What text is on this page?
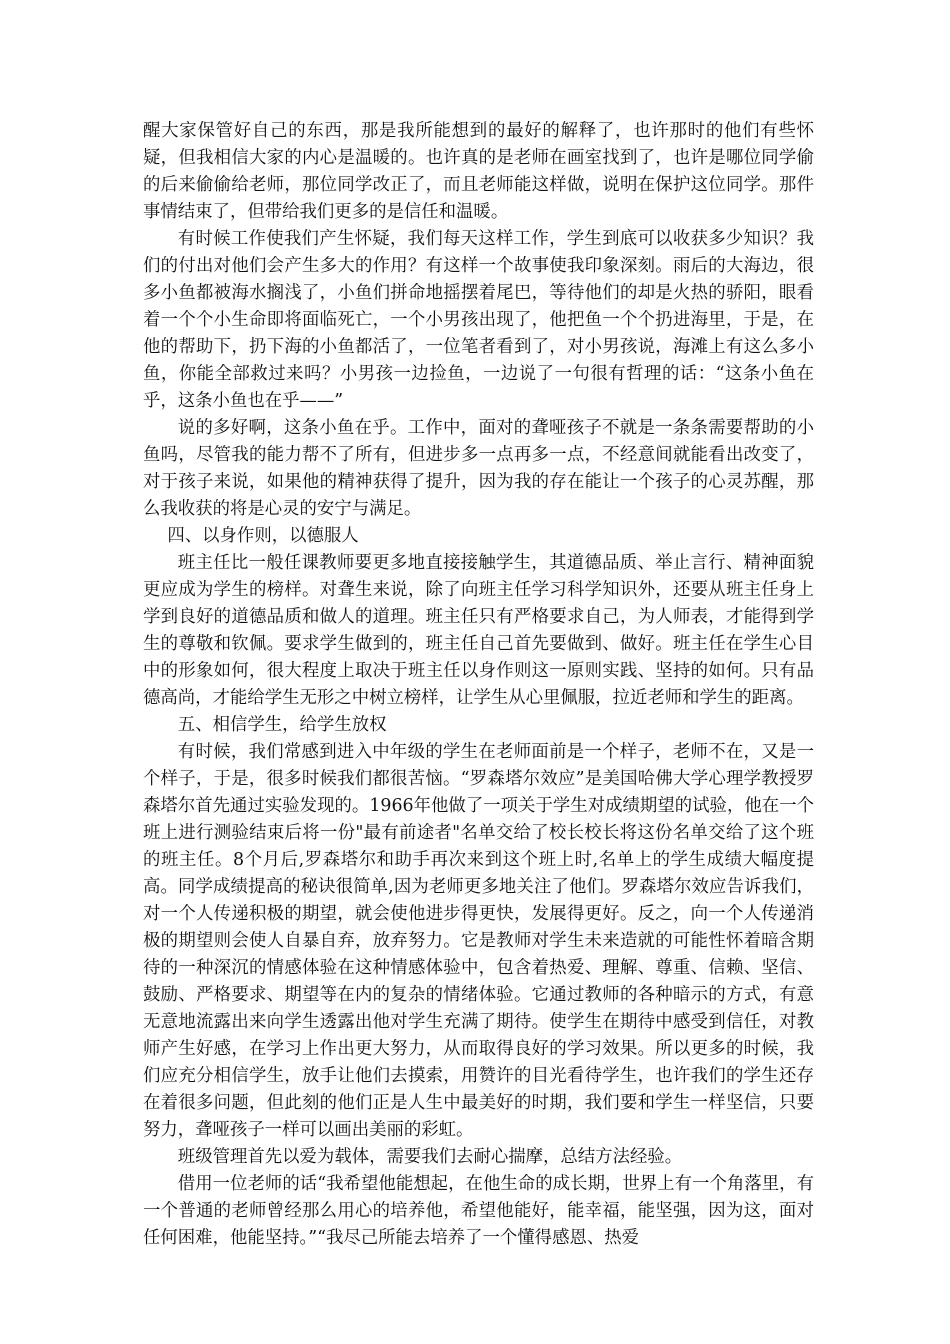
醒大家保管好自己的东西，那是我所能想到的最好的解释了，也许那时的他们有些怀疑，但我相信大家的内心是温暖的。也许真的是老师在画室找到了，也许是哪位同学偷的后来偷偷给老师，那位同学改正了，而且老师能这样做，说明在保护这位同学。那件事情结束了，但带给我们更多的是信任和温暖。

有时候工作使我们产生怀疑，我们每天这样工作，学生到底可以收获多少知识？我们的付出对他们会产生多大的作用？有这样一个故事使我印象深刻。雨后的大海边，很多小鱼都被海水搁浅了，小鱼们拼命地摇摆着尾巴，等待他们的却是火热的骄阳，眼看着一个个小生命即将面临死亡，一个小男孩出现了，他把鱼一个个扔进海里，于是，在他的帮助下，扔下海的小鱼都活了，一位笔者看到了，对小男孩说，海滩上有这么多小鱼，你能全部救过来吗？小男孩一边捡鱼，一边说了一句很有哲理的话：“这条小鱼在乎，这条小鱼也在乎——”

说的多好啊，这条小鱼在乎。工作中，面对的聋哑孩子不就是一条条需要帮助的小鱼吗，尽管我的能力帮不了所有，但进步多一点再多一点，不经意间就能看出改变了，对于孩子来说，如果他的精神获得了提升，因为我的存在能让一个孩子的心灵苏醒，那么我收获的将是心灵的安宁与满足。

四、以身作则，以德服人

班主任比一般任课教师要更多地直接接触学生，其道德品质、举止言行、精神面貌更应成为学生的榜样。对聋生来说，除了向班主任学习科学知识外，还要从班主任身上学到良好的道德品质和做人的道理。班主任只有严格要求自己，为人师表，才能得到学生的尊敬和钦佩。要求学生做到的，班主任自己首先要做到、做好。班主任在学生心目中的形象如何，很大程度上取决于班主任以身作则这一原则实践、坚持的如何。只有品德高尚，才能给学生无形之中树立榜样，让学生从心里佩服，拉近老师和学生的距离。

五、相信学生，给学生放权

有时候，我们常感到进入中年级的学生在老师面前是一个样子，老师不在，又是一个样子，于是，很多时候我们都很苦恼。“罗森塔尔效应”是美国哈佛大学心理学教授罗森塔尔首先通过实验发现的。1966年他做了一项关于学生对成绩期望的试验，他在一个班上进行测验结束后将一份"最有前途者"名单交给了校长校长将这份名单交给了这个班的班主任。8个月后,罗森塔尔和助手再次来到这个班上时,名单上的学生成绩大幅度提高。同学成绩提高的秘诀很简单,因为老师更多地关注了他们。罗森塔尔效应告诉我们，对一个人传递积极的期望，就会使他进步得更快，发展得更好。反之，向一个人传递消极的期望则会使人自暴自弃，放弃努力。它是教师对学生未来造就的可能性怀着暗含期待的一种深沉的情感体验在这种情感体验中，包含着热爱、理解、尊重、信赖、坚信、鼓励、严格要求、期望等在内的复杂的情绪体验。它通过教师的各种暗示的方式，有意无意地流露出来向学生透露出他对学生充满了期待。使学生在期待中感受到信任，对教师产生好感，在学习上作出更大努力，从而取得良好的学习效果。所以更多的时候，我们应充分相信学生，放手让他们去摸索，用赞许的目光看待学生，也许我们的学生还存在着很多问题，但此刻的他们正是人生中最美好的时期，我们要和学生一样坚信，只要努力，聋哑孩子一样可以画出美丽的彩虹。

班级管理首先以爱为载体，需要我们去耐心揣摩，总结方法经验。

借用一位老师的话“我希望他能想起，在他生命的成长期，世界上有一个角落里，有一个普通的老师曾经那么用心的培养他，希望他能好，能幸福，能坚强，因为这，面对任何困难，他能坚持。”“我尽己所能去培养了一个懂得感恩、热爱
